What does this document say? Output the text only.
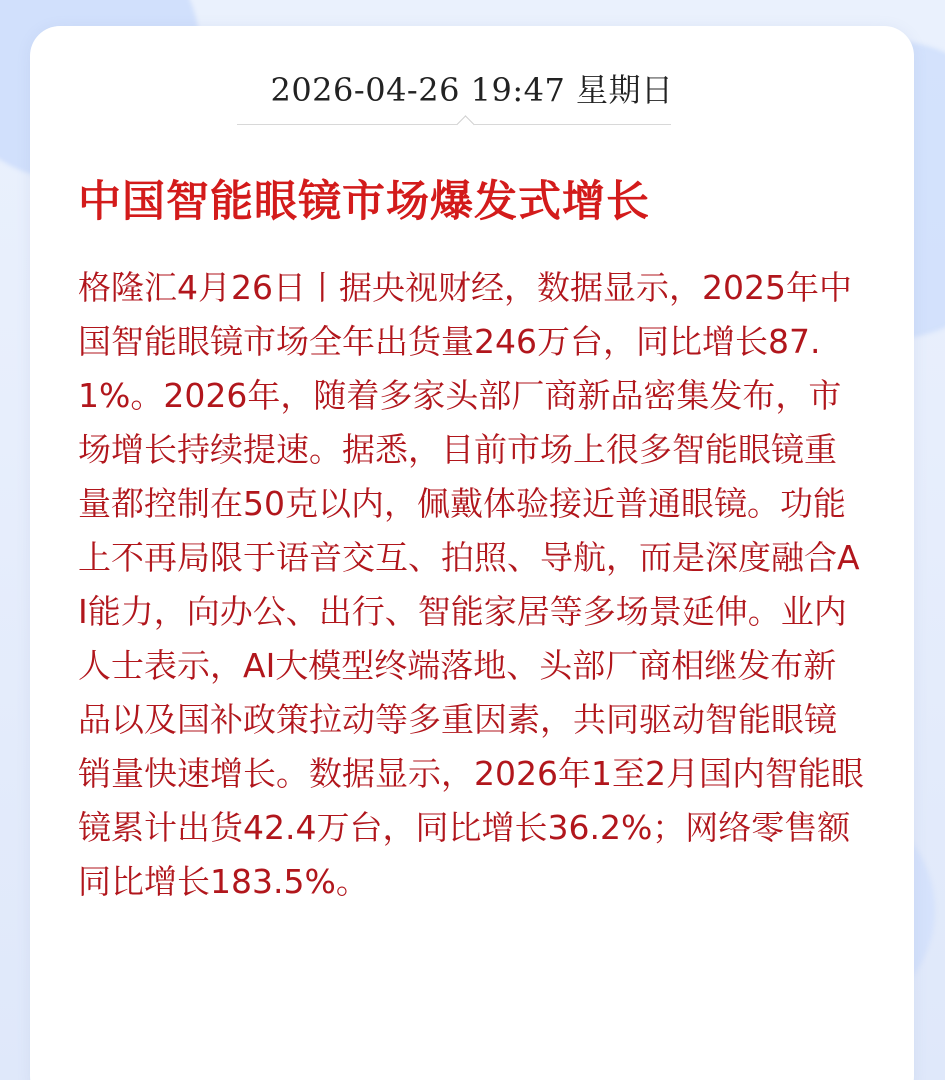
2026-04-26 19:47 星期日
中国智能眼镜市场爆发式增长

格隆汇4月26日丨据央视财经，数据显示，2025年中国智能眼镜市场全年出货量246万台，同比增长87.1%。2026年，随着多家头部厂商新品密集发布，市场增长持续提速。据悉，目前市场上很多智能眼镜重量都控制在50克以内，佩戴体验接近普通眼镜。功能上不再局限于语音交互、拍照、导航，而是深度融合AI能力，向办公、出行、智能家居等多场景延伸。业内人士表示，AI大模型终端落地、头部厂商相继发布新品以及国补政策拉动等多重因素，共同驱动智能眼镜销量快速增长。数据显示，2026年1至2月国内智能眼镜累计出货42.4万台，同比增长36.2%；网络零售额同比增长183.5%。
